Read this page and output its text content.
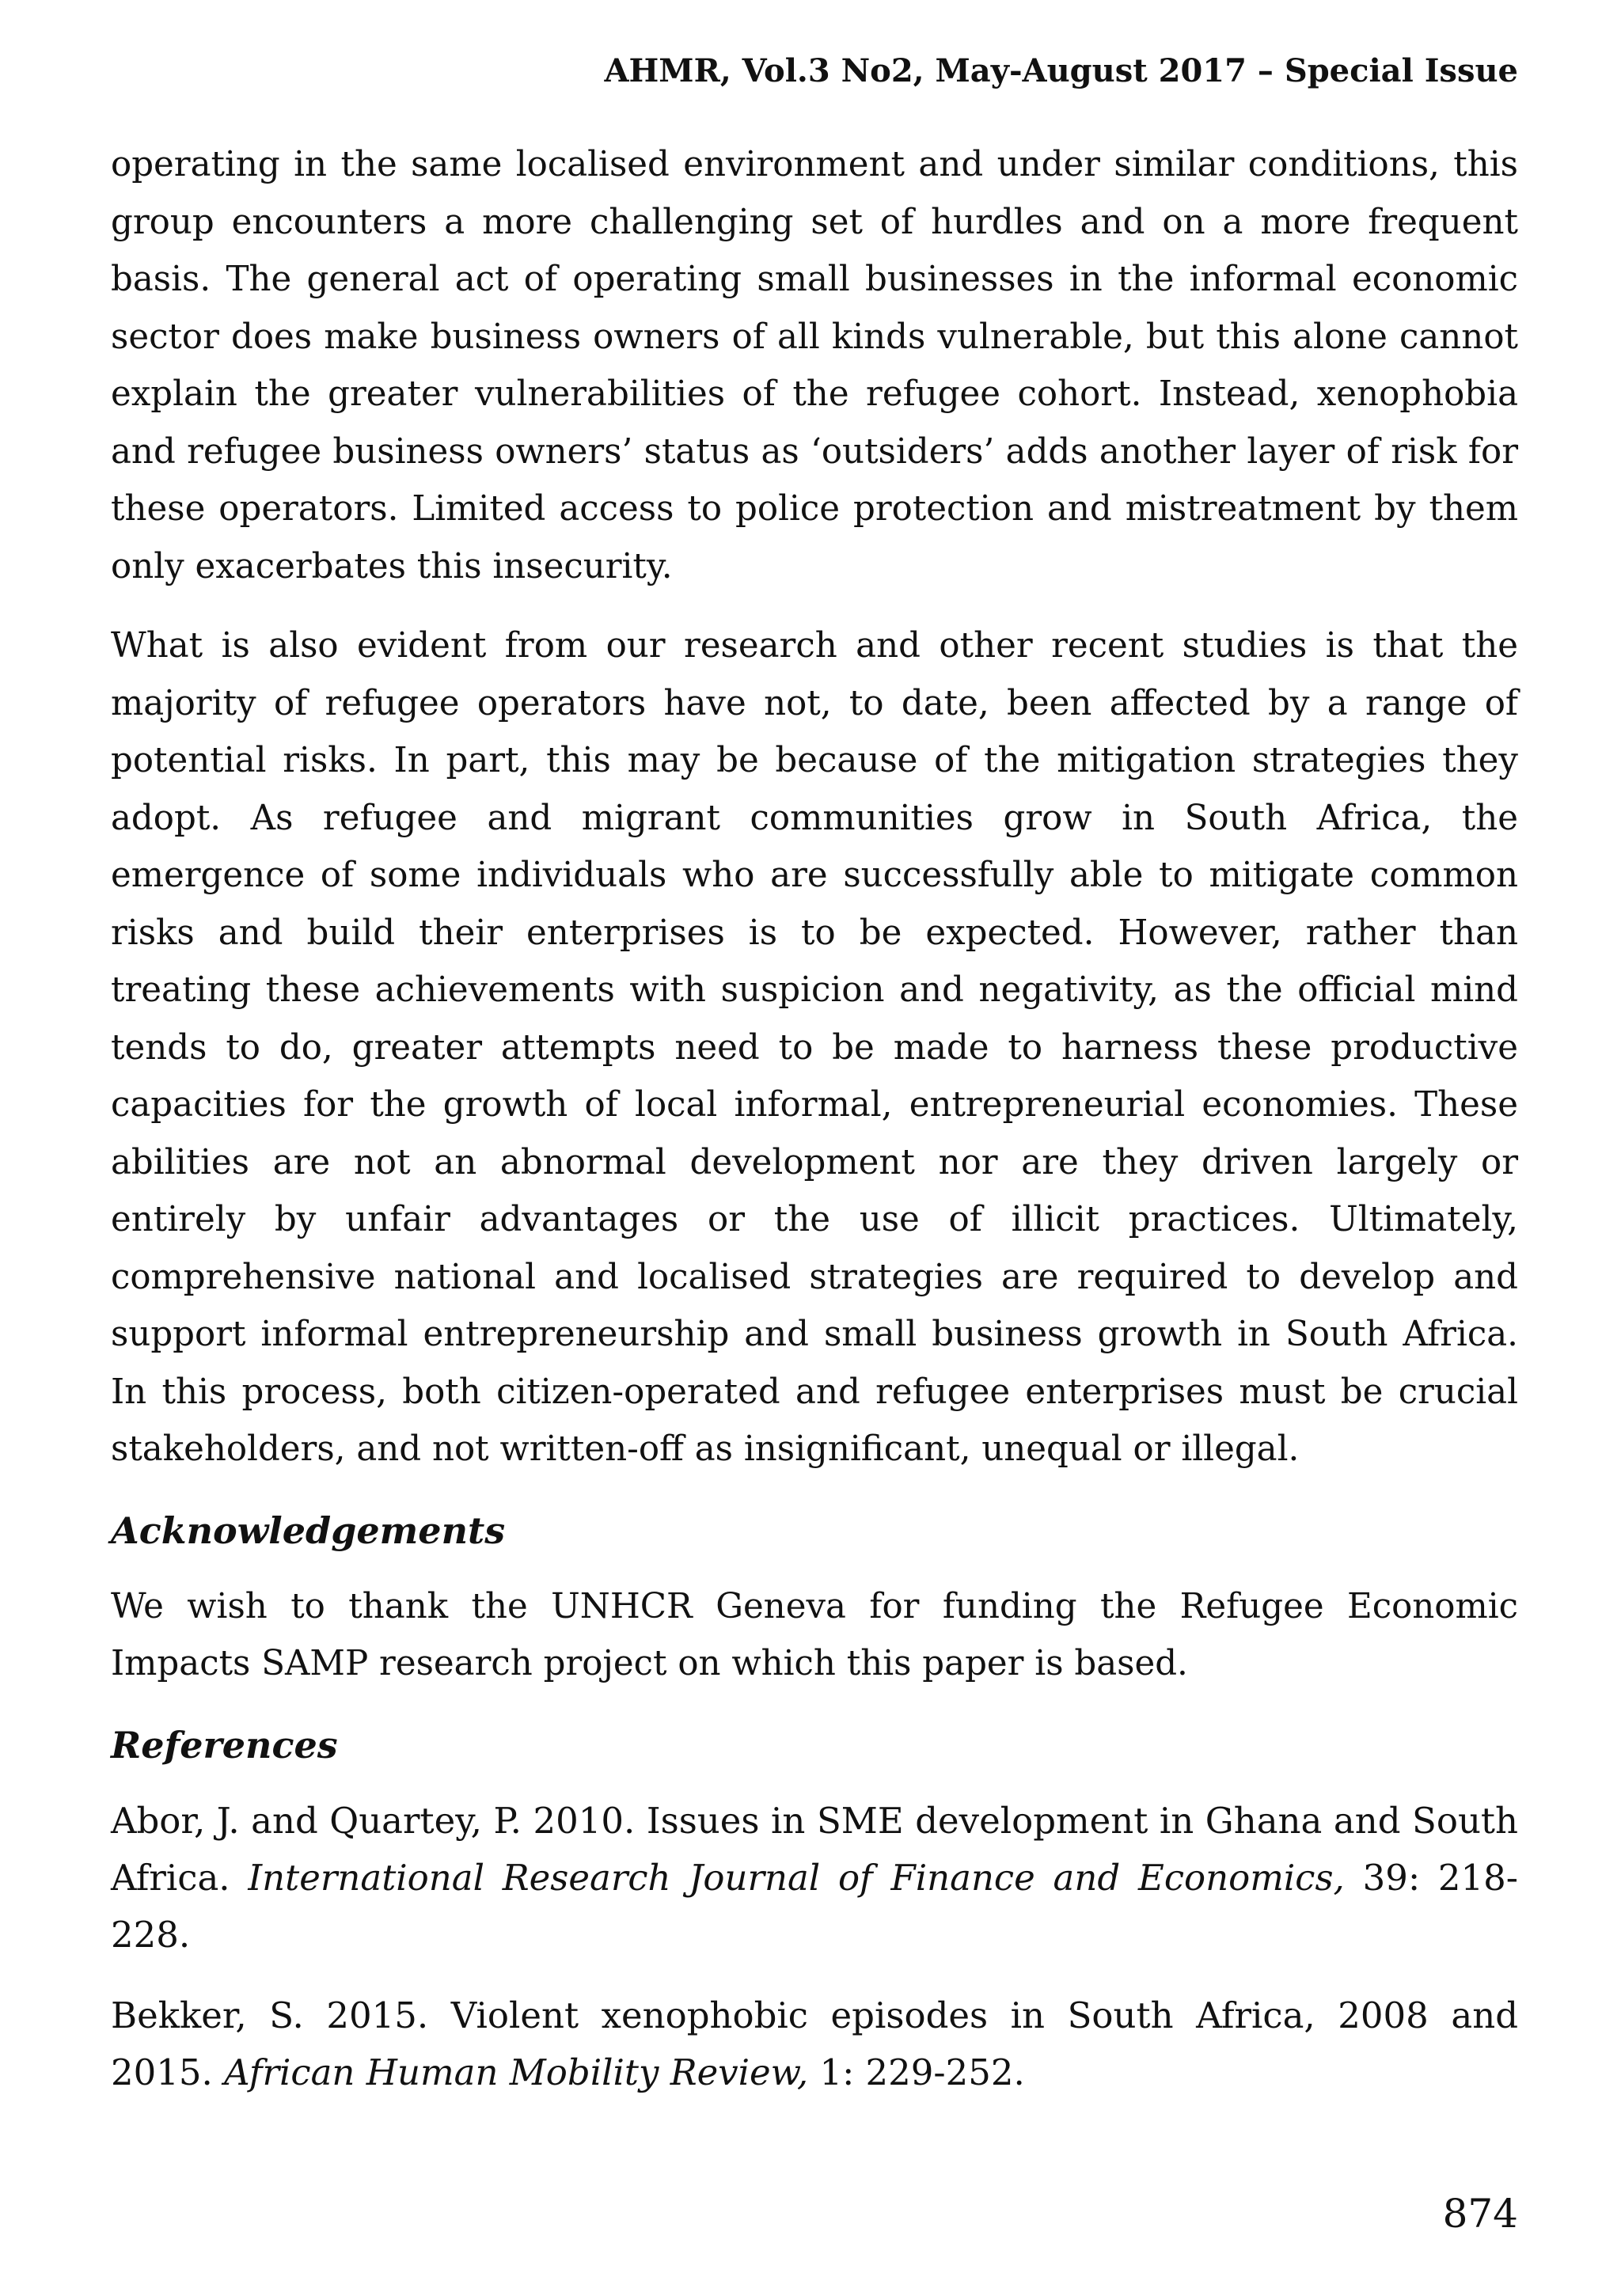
AHMR, Vol.3 No2, May-August 2017 – Special Issue

operating in the same localised environment and under similar conditions, this group encounters a more challenging set of hurdles and on a more frequent basis. The general act of operating small businesses in the informal economic sector does make business owners of all kinds vulnerable, but this alone cannot explain the greater vulnerabilities of the refugee cohort. Instead, xenophobia and refugee business owners’ status as ‘outsiders’ adds another layer of risk for these operators. Limited access to police protection and mistreatment by them only exacerbates this insecurity.

What is also evident from our research and other recent studies is that the majority of refugee operators have not, to date, been affected by a range of potential risks. In part, this may be because of the mitigation strategies they adopt. As refugee and migrant communities grow in South Africa, the emergence of some individuals who are successfully able to mitigate common risks and build their enterprises is to be expected. However, rather than treating these achievements with suspicion and negativity, as the official mind tends to do, greater attempts need to be made to harness these productive capacities for the growth of local informal, entrepreneurial economies. These abilities are not an abnormal development nor are they driven largely or entirely by unfair advantages or the use of illicit practices. Ultimately, comprehensive national and localised strategies are required to develop and support informal entrepreneurship and small business growth in South Africa. In this process, both citizen-operated and refugee enterprises must be crucial stakeholders, and not written-off as insignificant, unequal or illegal.

Acknowledgements

We wish to thank the UNHCR Geneva for funding the Refugee Economic Impacts SAMP research project on which this paper is based.

References

Abor, J. and Quartey, P. 2010. Issues in SME development in Ghana and South Africa. International Research Journal of Finance and Economics, 39: 218-228.

Bekker, S. 2015. Violent xenophobic episodes in South Africa, 2008 and 2015. African Human Mobility Review, 1: 229-252.

874
